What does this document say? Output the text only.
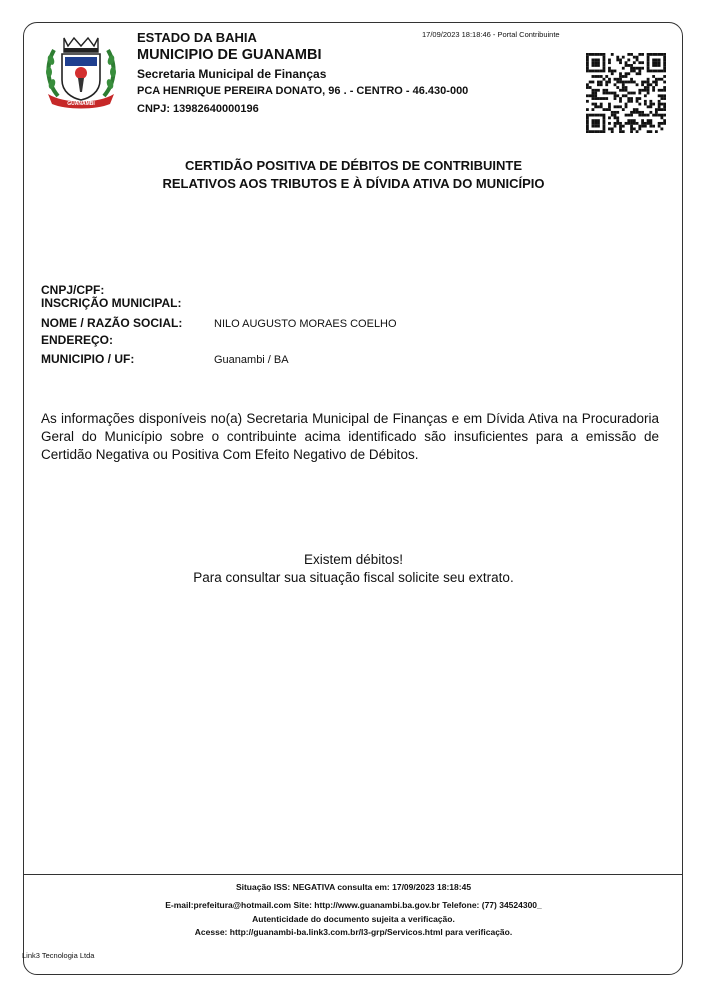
GUANAMBI
ESTADO DA BAHIA
MUNICIPIO DE GUANAMBI
Secretaria Municipal de Finanças
PCA HENRIQUE PEREIRA DONATO, 96 . - CENTRO - 46.430-000
CNPJ: 13982640000196
17/09/2023 18:18:46 - Portal Contribuinte
CERTIDÃO POSITIVA DE DÉBITOS DE CONTRIBUINTE
RELATIVOS AOS TRIBUTOS E À DÍVIDA ATIVA DO MUNICÍPIO
CNPJ/CPF:
INSCRIÇÃO MUNICIPAL:
NOME / RAZÃO SOCIAL:	NILO AUGUSTO MORAES COELHO
ENDEREÇO:
MUNICIPIO / UF:	Guanambi / BA
As informações disponíveis no(a) Secretaria Municipal de Finanças e em Dívida Ativa na Procuradoria Geral do Município sobre o contribuinte acima identificado são insuficientes para a emissão de Certidão Negativa ou Positiva Com Efeito Negativo de Débitos.
Existem débitos!
Para consultar sua situação fiscal solicite seu extrato.
Situação ISS: NEGATIVA consulta em: 17/09/2023 18:18:45
E-mail:prefeitura@hotmail.com Site: http://www.guanambi.ba.gov.br Telefone: (77) 34524300_
Autenticidade do documento sujeita a verificação.
Acesse: http://guanambi-ba.link3.com.br/l3-grp/Servicos.html para verificação.
Link3 Tecnologia Ltda
